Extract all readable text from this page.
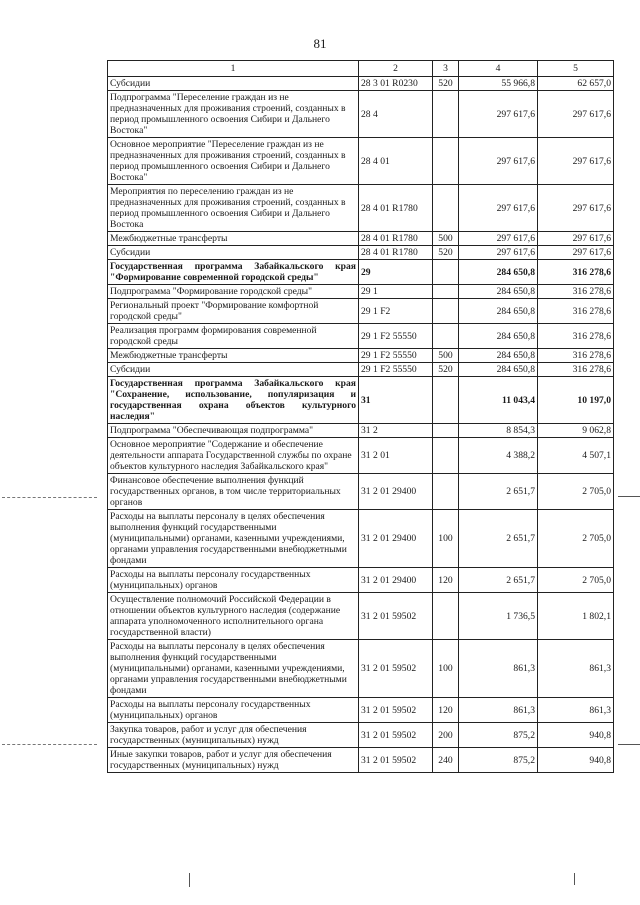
81
1	2	3	4	5
Субсидии	28 3 01 R0230	520	55 966,8	62 657,0
Подпрограмма "Переселение граждан из не предназначенных для проживания строений, созданных в период промышленного освоения Сибири и Дальнего Востока"	28 4		297 617,6	297 617,6
Основное мероприятие "Переселение граждан из не предназначенных для проживания строений, созданных в период промышленного освоения Сибири и Дальнего Востока"	28 4 01		297 617,6	297 617,6
Мероприятия по переселению граждан из не предназначенных для проживания строений, созданных в период промышленного освоения Сибири и Дальнего Востока	28 4 01 R1780		297 617,6	297 617,6
Межбюджетные трансферты	28 4 01 R1780	500	297 617,6	297 617,6
Субсидии	28 4 01 R1780	520	297 617,6	297 617,6
Государственная программа Забайкальского края "Формирование современной городской среды"	29		284 650,8	316 278,6
Подпрограмма "Формирование городской среды"	29 1		284 650,8	316 278,6
Региональный проект "Формирование комфортной городской среды"	29 1 F2		284 650,8	316 278,6
Реализация программ формирования современной городской среды	29 1 F2 55550		284 650,8	316 278,6
Межбюджетные трансферты	29 1 F2 55550	500	284 650,8	316 278,6
Субсидии	29 1 F2 55550	520	284 650,8	316 278,6
Государственная программа Забайкальского края "Сохранение, использование, популяризация и государственная охрана объектов культурного наследия"	31		11 043,4	10 197,0
Подпрограмма "Обеспечивающая подпрограмма"	31 2		8 854,3	9 062,8
Основное мероприятие "Содержание и обеспечение деятельности аппарата Государственной службы по охране объектов культурного наследия Забайкальского края"	31 2 01		4 388,2	4 507,1
Финансовое обеспечение выполнения функций государственных органов, в том числе территориальных органов	31 2 01 29400		2 651,7	2 705,0
Расходы на выплаты персоналу в целях обеспечения выполнения функций государственными (муниципальными) органами, казенными учреждениями, органами управления государственными внебюджетными фондами	31 2 01 29400	100	2 651,7	2 705,0
Расходы на выплаты персоналу государственных (муниципальных) органов	31 2 01 29400	120	2 651,7	2 705,0
Осуществление полномочий Российской Федерации в отношении объектов культурного наследия (содержание аппарата уполномоченного исполнительного органа государственной власти)	31 2 01 59502		1 736,5	1 802,1
Расходы на выплаты персоналу в целях обеспечения выполнения функций государственными (муниципальными) органами, казенными учреждениями, органами управления государственными внебюджетными фондами	31 2 01 59502	100	861,3	861,3
Расходы на выплаты персоналу государственных (муниципальных) органов	31 2 01 59502	120	861,3	861,3
Закупка товаров, работ и услуг для обеспечения государственных (муниципальных) нужд	31 2 01 59502	200	875,2	940,8
Иные закупки товаров, работ и услуг для обеспечения государственных (муниципальных) нужд	31 2 01 59502	240	875,2	940,8
